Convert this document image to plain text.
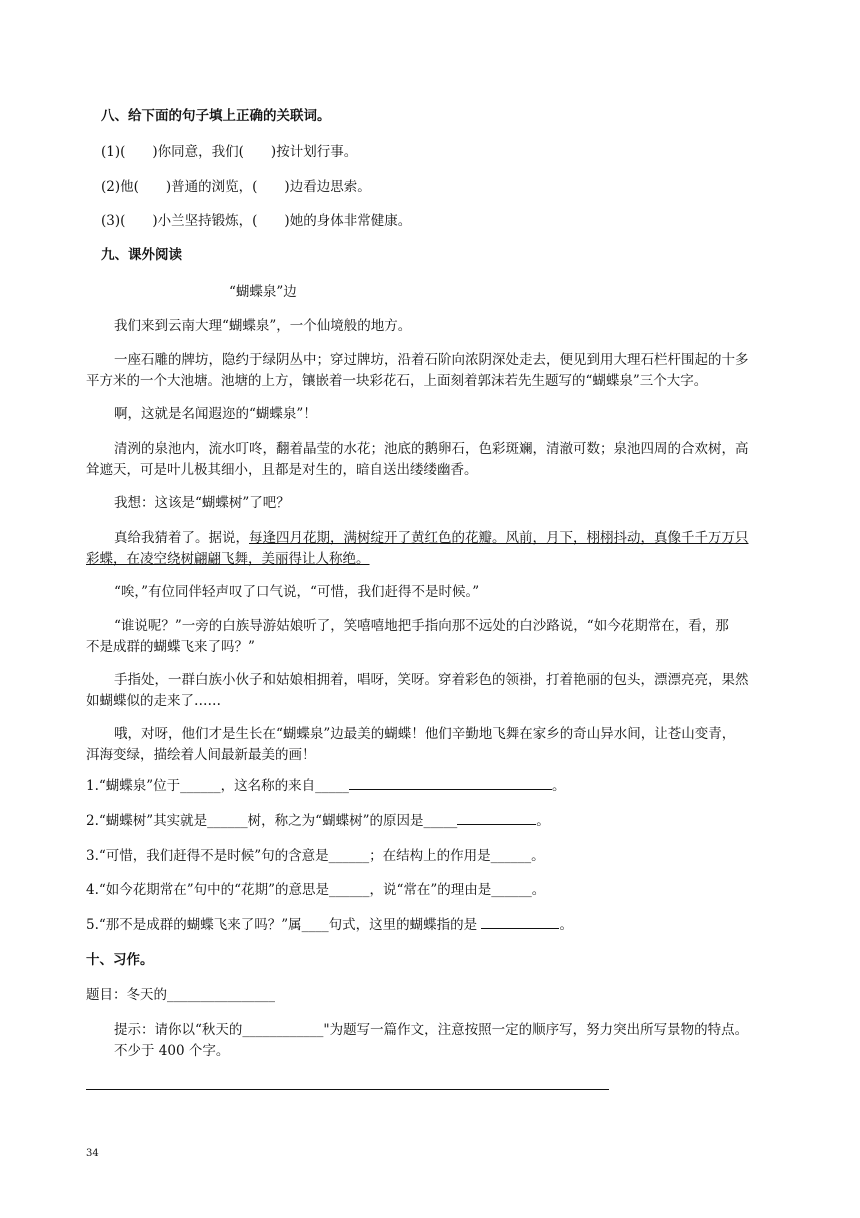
八、给下面的句子填上正确的关联词。
(1)(　　)你同意，我们(　　)按计划行事。
(2)他(　　)普通的浏览，(　　)边看边思索。
(3)(　　)小兰坚持锻炼，(　　)她的身体非常健康。
九、课外阅读
“蝴蝶泉”边
我们来到云南大理“蝴蝶泉”，一个仙境般的地方。
一座石雕的牌坊，隐约于绿阴丛中；穿过牌坊，沿着石阶向浓阴深处走去，便见到用大理石栏杆围起的十多
平方米的一个大池塘。池塘的上方，镶嵌着一块彩花石，上面刻着郭沫若先生题写的“蝴蝶泉”三个大字。
啊，这就是名闻遐迩的“蝴蝶泉”！
清洌的泉池内，流水叮咚，翻着晶莹的水花；池底的鹅卵石，色彩斑斓，清澈可数；泉池四周的合欢树，高
耸遮天，可是叶儿极其细小，且都是对生的，暗自送出缕缕幽香。
我想：这该是“蝴蝶树”了吧？
真给我猜着了。据说，每逢四月花期，满树绽开了黄红色的花瓣。风前，月下，栩栩抖动，真像千千万万只
彩蝶，在凌空绕树翩翩飞舞，美丽得让人称绝。
“唉，”有位同伴轻声叹了口气说，“可惜，我们赶得不是时候。”
“谁说呢？”一旁的白族导游姑娘听了，笑嘻嘻地把手指向那不远处的白沙路说，“如今花期常在，看，那
不是成群的蝴蝶飞来了吗？”
手指处，一群白族小伙子和姑娘相拥着，唱呀，笑呀。穿着彩色的领褂，打着艳丽的包头，漂漂亮亮，果然
如蝴蝶似的走来了……
哦，对呀，他们才是生长在“蝴蝶泉”边最美的蝴蝶！他们辛勤地飞舞在家乡的奇山异水间，让苍山变青，
洱海变绿，描绘着人间最新最美的画！
1.“蝴蝶泉”位于______，这名称的来自_____	。
2.“蝴蝶树”其实就是______树，称之为“蝴蝶树”的原因是_____	。
3.“可惜，我们赶得不是时候”句的含意是______；在结构上的作用是______。
4.“如今花期常在”句中的“花期”的意思是______，说“常在”的理由是______。
5.“那不是成群的蝴蝶飞来了吗？”属____句式，这里的蝴蝶指的是	。
十、习作。
题目：冬天的________________
提示：请你以“秋天的____________"为题写一篇作文，注意按照一定的顺序写，努力突出所写景物的特点。
不少于 400 个字。
34
